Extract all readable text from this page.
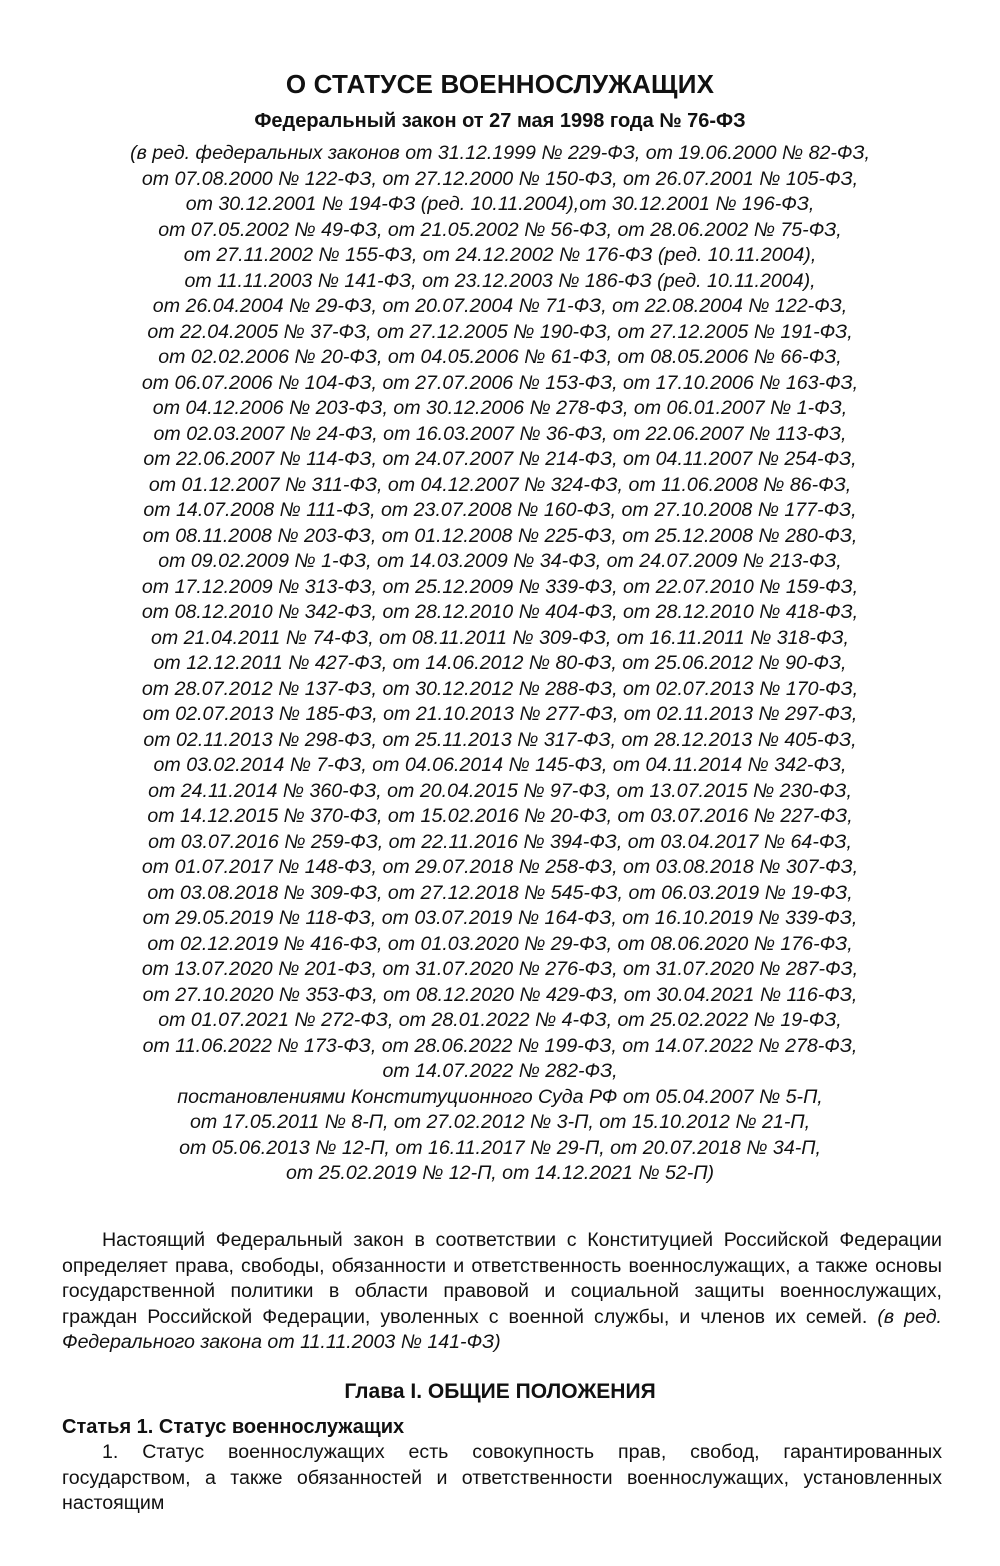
О СТАТУСЕ ВОЕННОСЛУЖАЩИХ
Федеральный закон от 27 мая 1998 года № 76-ФЗ
(в ред. федеральных законов от 31.12.1999 № 229-ФЗ, от 19.06.2000 № 82-ФЗ,
от 07.08.2000 № 122-ФЗ, от 27.12.2000 № 150-ФЗ, от 26.07.2001 № 105-ФЗ,
от 30.12.2001 № 194-ФЗ (ред. 10.11.2004),от 30.12.2001 № 196-ФЗ,
от 07.05.2002 № 49-ФЗ, от 21.05.2002 № 56-ФЗ, от 28.06.2002 № 75-ФЗ,
от 27.11.2002 № 155-ФЗ, от 24.12.2002 № 176-ФЗ (ред. 10.11.2004),
от 11.11.2003 № 141-ФЗ, от 23.12.2003 № 186-ФЗ (ред. 10.11.2004),
от 26.04.2004 № 29-ФЗ, от 20.07.2004 № 71-ФЗ, от 22.08.2004 № 122-ФЗ,
от 22.04.2005 № 37-ФЗ, от 27.12.2005 № 190-ФЗ, от 27.12.2005 № 191-ФЗ,
от 02.02.2006 № 20-ФЗ, от 04.05.2006 № 61-ФЗ, от 08.05.2006 № 66-ФЗ,
от 06.07.2006 № 104-ФЗ, от 27.07.2006 № 153-ФЗ, от 17.10.2006 № 163-ФЗ,
от 04.12.2006 № 203-ФЗ, от 30.12.2006 № 278-ФЗ, от 06.01.2007 № 1-ФЗ,
от 02.03.2007 № 24-ФЗ, от 16.03.2007 № 36-ФЗ, от 22.06.2007 № 113-ФЗ,
от 22.06.2007 № 114-ФЗ, от 24.07.2007 № 214-ФЗ, от 04.11.2007 № 254-ФЗ,
от 01.12.2007 № 311-ФЗ, от 04.12.2007 № 324-ФЗ, от 11.06.2008 № 86-ФЗ,
от 14.07.2008 № 111-ФЗ, от 23.07.2008 № 160-ФЗ, от 27.10.2008 № 177-ФЗ,
от 08.11.2008 № 203-ФЗ, от 01.12.2008 № 225-ФЗ, от 25.12.2008 № 280-ФЗ,
от 09.02.2009 № 1-ФЗ, от 14.03.2009 № 34-ФЗ, от 24.07.2009 № 213-ФЗ,
от 17.12.2009 № 313-ФЗ, от 25.12.2009 № 339-ФЗ, от 22.07.2010 № 159-ФЗ,
от 08.12.2010 № 342-ФЗ, от 28.12.2010 № 404-ФЗ, от 28.12.2010 № 418-ФЗ,
от 21.04.2011 № 74-ФЗ, от 08.11.2011 № 309-ФЗ, от 16.11.2011 № 318-ФЗ,
от 12.12.2011 № 427-ФЗ, от 14.06.2012 № 80-ФЗ, от 25.06.2012 № 90-ФЗ,
от 28.07.2012 № 137-ФЗ, от 30.12.2012 № 288-ФЗ, от 02.07.2013 № 170-ФЗ,
от 02.07.2013 № 185-ФЗ, от 21.10.2013 № 277-ФЗ, от 02.11.2013 № 297-ФЗ,
от 02.11.2013 № 298-ФЗ, от 25.11.2013 № 317-ФЗ, от 28.12.2013 № 405-ФЗ,
от 03.02.2014 № 7-ФЗ, от 04.06.2014 № 145-ФЗ, от 04.11.2014 № 342-ФЗ,
от 24.11.2014 № 360-ФЗ, от 20.04.2015 № 97-ФЗ, от 13.07.2015 № 230-ФЗ,
от 14.12.2015 № 370-ФЗ, от 15.02.2016 № 20-ФЗ, от 03.07.2016 № 227-ФЗ,
от 03.07.2016 № 259-ФЗ, от 22.11.2016 № 394-ФЗ, от 03.04.2017 № 64-ФЗ,
от 01.07.2017 № 148-ФЗ, от 29.07.2018 № 258-ФЗ, от 03.08.2018 № 307-ФЗ,
от 03.08.2018 № 309-ФЗ, от 27.12.2018 № 545-ФЗ, от 06.03.2019 № 19-ФЗ,
от 29.05.2019 № 118-ФЗ, от 03.07.2019 № 164-ФЗ, от 16.10.2019 № 339-ФЗ,
от 02.12.2019 № 416-ФЗ, от 01.03.2020 № 29-ФЗ, от 08.06.2020 № 176-ФЗ,
от 13.07.2020 № 201-ФЗ, от 31.07.2020 № 276-ФЗ, от 31.07.2020 № 287-ФЗ,
от 27.10.2020 № 353-ФЗ, от 08.12.2020 № 429-ФЗ, от 30.04.2021 № 116-ФЗ,
от 01.07.2021 № 272-ФЗ, от 28.01.2022 № 4-ФЗ, от 25.02.2022 № 19-ФЗ,
от 11.06.2022 № 173-ФЗ, от 28.06.2022 № 199-ФЗ, от 14.07.2022 № 278-ФЗ,
от 14.07.2022 № 282-ФЗ,
постановлениями Конституционного Суда РФ от 05.04.2007 № 5-П,
от 17.05.2011 № 8-П, от 27.02.2012 № 3-П, от 15.10.2012 № 21-П,
от 05.06.2013 № 12-П, от 16.11.2017 № 29-П, от 20.07.2018 № 34-П,
от 25.02.2019 № 12-П, от 14.12.2021 № 52-П)

Настоящий Федеральный закон в соответствии с Конституцией Российской Федерации определяет права, свободы, обязанности и ответственность военнослужащих, а также основы государственной политики в области правовой и социальной защиты военнослужащих, граждан Российской Федерации, уволенных с военной службы, и членов их семей. (в ред. Федерального закона от 11.11.2003 № 141-ФЗ)

Глава I. ОБЩИЕ ПОЛОЖЕНИЯ
Статья 1. Статус военнослужащих

1. Статус военнослужащих есть совокупность прав, свобод, гарантированных государством, а также обязанностей и ответственности военнослужащих, установленных настоящим
